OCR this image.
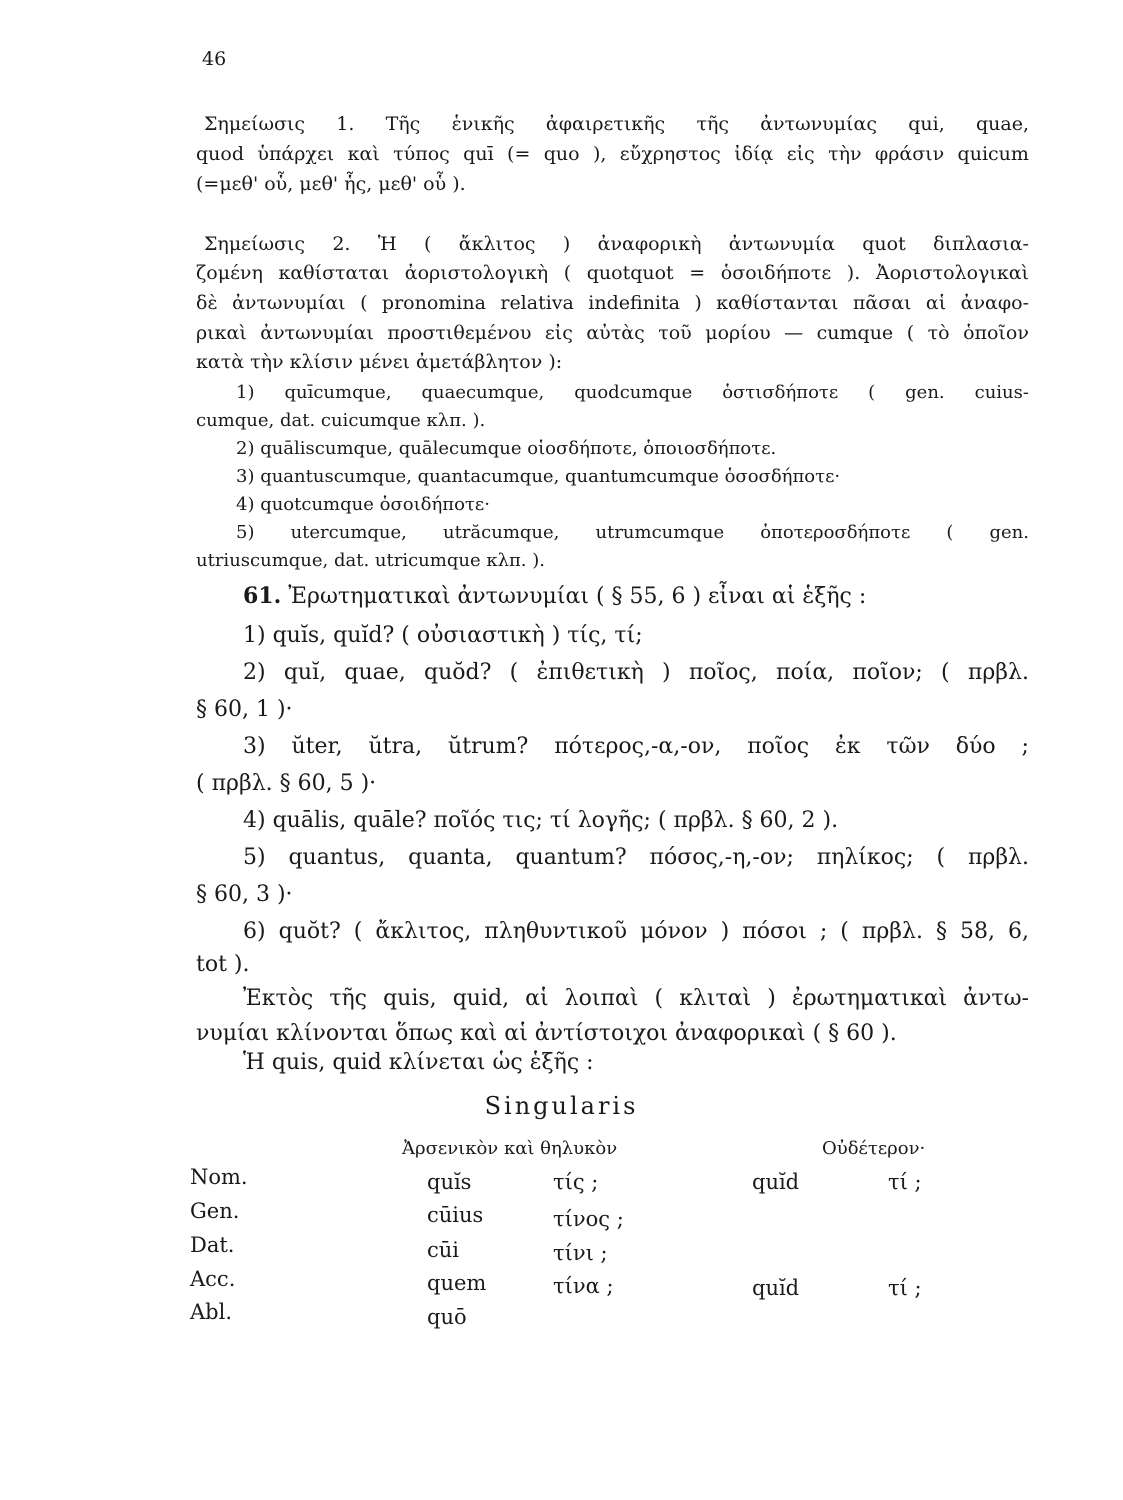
46
Σημείωσις 1. Τῆς ἑνικῆς ἀφαιρετικῆς τῆς ἀντωνυμίας qui, quae,
quod ὑπάρχει καὶ τύπος quī (= quo ), εὔχρηστος ἰδίᾳ εἰς τὴν φράσιν quicum
(=μεθ' οὗ, μεθ' ἧς, μεθ' οὗ ).
Σημείωσις 2. Ἡ ( ἄκλιτος ) ἀναφορικὴ ἀντωνυμία quot διπλασια-
ζομένη καθίσταται ἀοριστολογικὴ ( quotquot = ὁσοιδήποτε ). Ἀοριστολογικαὶ
δὲ ἀντωνυμίαι ( pronomina relativa indefinita ) καθίστανται πᾶσαι αἱ ἀναφο-
ρικαὶ ἀντωνυμίαι προστιθεμένου εἰς αὐτὰς τοῦ μορίου — cumque ( τὸ ὁποῖον
κατὰ τὴν κλίσιν μένει ἀμετάβλητον ):
1) quīcumque, quaecumque, quodcumque ὁστισδήποτε ( gen. cuius-
cumque, dat. cuicumque κλπ. ).
2) quāliscumque, quālecumque οἱοσδήποτε, ὁποιοσδήποτε.
3) quantuscumque, quantacumque, quantumcumque ὁσοσδήποτε·
4) quotcumque ὁσοιδήποτε·
5) utercumque, utrăcumque, utrumcumque ὁποτεροσδήποτε ( gen.
utriuscumque, dat. utricumque κλπ. ).
61. Ἐρωτηματικαὶ ἀντωνυμίαι ( § 55, 6 ) εἶναι αἱ ἑξῆς :
1) quĭs, quĭd? ( οὐσιαστικὴ ) τίς, τί;
2) quĭ, quae, quŏd? ( ἐπιθετικὴ ) ποῖος, ποία, ποῖον; ( πρβλ.
§ 60, 1 )·
3) ŭter, ŭtra, ŭtrum? πότερος,-α,-ον, ποῖος ἐκ τῶν δύο ;
( πρβλ. § 60, 5 )·
4) quālis, quāle? ποῖός τις; τί λογῆς; ( πρβλ. § 60, 2 ).
5) quantus, quanta, quantum? πόσος,-η,-ον; πηλίκος; ( πρβλ.
§ 60, 3 )·
6) quŏt? ( ἄκλιτος, πληθυντικοῦ μόνον ) πόσοι ; ( πρβλ. § 58, 6,
tot ).
Ἐκτὸς τῆς quis, quid, αἱ λοιπαὶ ( κλιταὶ ) ἐρωτηματικαὶ ἀντω-
νυμίαι κλίνονται ὅπως καὶ αἱ ἀντίστοιχοι ἀναφορικαὶ ( § 60 ).
Ἡ quis, quid κλίνεται ὡς ἑξῆς :
Singularis
Ἀρσενικὸν καὶ θηλυκὸν	Οὐδέτερον·
Nom.	quĭs	τίς ;	quĭd	τί ;
Gen.	cūius	τίνος ;
Dat.	cūi	τίνι ;
Acc.	quem	τίνα ;	quĭd	τί ;
Abl.	quō
